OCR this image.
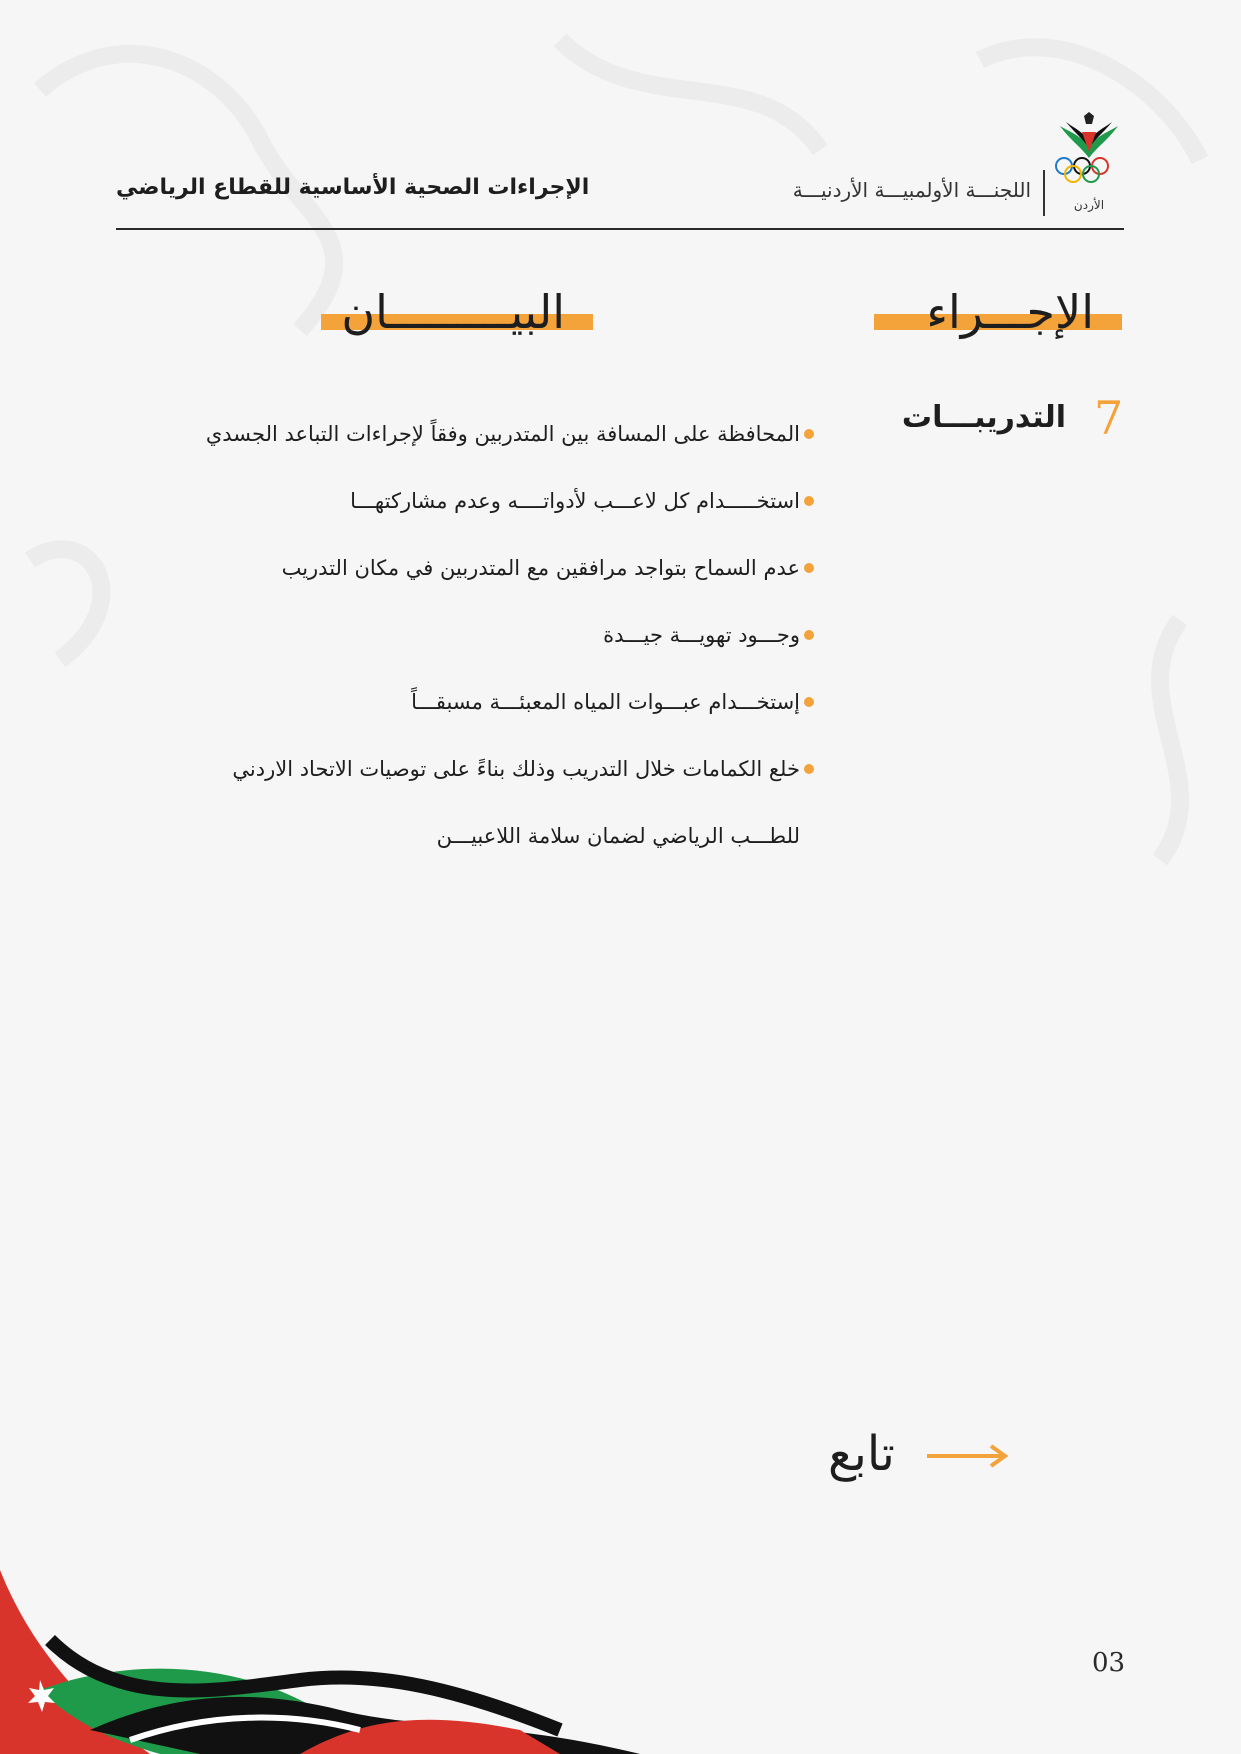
الإجراءات الصحية الأساسية للقطاع الرياضي	اللجنـــة الأولمبيـــة الأردنيـــة
الأردن
الإجـــراء
البيـــــــــان
7
التدريبـــات
المحافظة على المسافة بين المتدربين وفقاً لإجراءات التباعد الجسدي
استخـــــدام كل لاعـــب لأدواتــــه وعدم مشاركتهـــا
عدم السماح بتواجد مرافقين مع المتدربين في مكان التدريب
وجـــود تهويـــة جيـــدة
إستخـــدام عبـــوات المياه المعبئـــة مسبقـــاً
خلع الكمامات خلال التدريب وذلك بناءً على توصيات الاتحاد الاردني
للطـــب الرياضي لضمان سلامة اللاعبيـــن
تابع
03
